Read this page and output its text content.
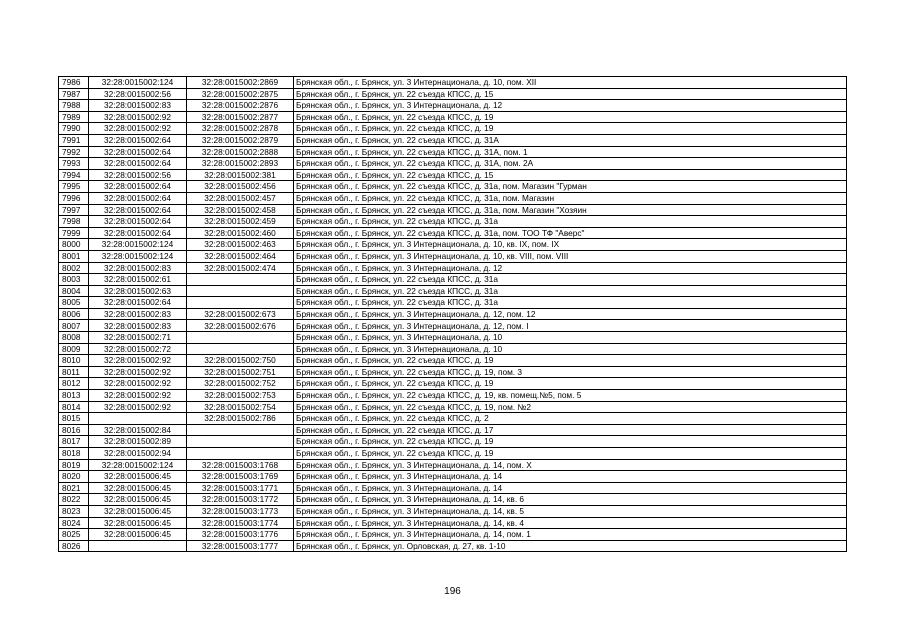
7986	32:28:0015002:124	32:28:0015002:2869	Брянская обл., г. Брянск, ул. 3 Интернационала, д. 10, пом. XII
7987	32:28:0015002:56	32:28:0015002:2875	Брянская обл., г. Брянск, ул. 22 съезда КПСС, д. 15
7988	32:28:0015002:83	32:28:0015002:2876	Брянская обл., г. Брянск, ул. 3 Интернационала, д. 12
7989	32:28:0015002:92	32:28:0015002:2877	Брянская обл., г. Брянск, ул. 22 съезда КПСС, д. 19
7990	32:28:0015002:92	32:28:0015002:2878	Брянская обл., г. Брянск, ул. 22 съезда КПСС, д. 19
7991	32:28:0015002:64	32:28:0015002:2879	Брянская обл., г. Брянск, ул. 22 съезда КПСС, д. 31А
7992	32:28:0015002:64	32:28:0015002:2888	Брянская обл., г. Брянск, ул. 22 съезда КПСС, д. 31А, пом. 1
7993	32:28:0015002:64	32:28:0015002:2893	Брянская обл., г. Брянск, ул. 22 съезда КПСС, д. 31А, пом. 2А
7994	32:28:0015002:56	32:28:0015002:381	Брянская обл., г. Брянск, ул. 22 съезда КПСС, д. 15
7995	32:28:0015002:64	32:28:0015002:456	Брянская обл., г. Брянск, ул. 22 съезда КПСС, д. 31а, пом. Магазин "Гурман
7996	32:28:0015002:64	32:28:0015002:457	Брянская обл., г. Брянск, ул. 22 съезда КПСС, д. 31а, пом. Магазин
7997	32:28:0015002:64	32:28:0015002:458	Брянская обл., г. Брянск, ул. 22 съезда КПСС, д. 31а, пом. Магазин "Хозяин
7998	32:28:0015002:64	32:28:0015002:459	Брянская обл., г. Брянск, ул. 22 съезда КПСС, д. 31а
7999	32:28:0015002:64	32:28:0015002:460	Брянская обл., г. Брянск, ул. 22 съезда КПСС, д. 31а, пом. ТОО ТФ "Аверс"
8000	32:28:0015002:124	32:28:0015002:463	Брянская обл., г. Брянск, ул. 3 Интернационала, д. 10, кв. IX, пом. IX
8001	32:28:0015002:124	32:28:0015002:464	Брянская обл., г. Брянск, ул. 3 Интернационала, д. 10, кв. VIII, пом. VIII
8002	32:28:0015002:83	32:28:0015002:474	Брянская обл., г. Брянск, ул. 3 Интернационала, д. 12
8003	32:28:0015002:61		Брянская обл., г. Брянск, ул. 22 съезда КПСС, д. 31а
8004	32:28:0015002:63		Брянская обл., г. Брянск, ул. 22 съезда КПСС, д. 31а
8005	32:28:0015002:64		Брянская обл., г. Брянск, ул. 22 съезда КПСС, д. 31а
8006	32:28:0015002:83	32:28:0015002:673	Брянская обл., г. Брянск, ул. 3 Интернационала, д. 12, пом. 12
8007	32:28:0015002:83	32:28:0015002:676	Брянская обл., г. Брянск, ул. 3 Интернационала, д. 12, пом. I
8008	32:28:0015002:71		Брянская обл., г. Брянск, ул. 3 Интернационала, д. 10
8009	32:28:0015002:72		Брянская обл., г. Брянск, ул. 3 Интернационала, д. 10
8010	32:28:0015002:92	32:28:0015002:750	Брянская обл., г. Брянск, ул. 22 съезда КПСС, д. 19
8011	32:28:0015002:92	32:28:0015002:751	Брянская обл., г. Брянск, ул. 22 съезда КПСС, д. 19, пом. 3
8012	32:28:0015002:92	32:28:0015002:752	Брянская обл., г. Брянск, ул. 22 съезда КПСС, д. 19
8013	32:28:0015002:92	32:28:0015002:753	Брянская обл., г. Брянск, ул. 22 съезда КПСС, д. 19, кв. помещ.№5, пом. 5
8014	32:28:0015002:92	32:28:0015002:754	Брянская обл., г. Брянск, ул. 22 съезда КПСС, д. 19, пом. №2
8015		32:28:0015002:786	Брянская обл., г. Брянск, ул. 22 съезда КПСС, д. 2
8016	32:28:0015002:84		Брянская обл., г. Брянск, ул. 22 съезда КПСС, д. 17
8017	32:28:0015002:89		Брянская обл., г. Брянск, ул. 22 съезда КПСС, д. 19
8018	32:28:0015002:94		Брянская обл., г. Брянск, ул. 22 съезда КПСС, д. 19
8019	32:28:0015002:124	32:28:0015003:1768	Брянская обл., г. Брянск, ул. 3 Интернационала, д. 14, пом. X
8020	32:28:0015006:45	32:28:0015003:1769	Брянская обл., г. Брянск, ул. 3 Интернационала, д. 14
8021	32:28:0015006:45	32:28:0015003:1771	Брянская обл., г. Брянск, ул. 3 Интернационала, д. 14
8022	32:28:0015006:45	32:28:0015003:1772	Брянская обл., г. Брянск, ул. 3 Интернационала, д. 14, кв. 6
8023	32:28:0015006:45	32:28:0015003:1773	Брянская обл., г. Брянск, ул. 3 Интернационала, д. 14, кв. 5
8024	32:28:0015006:45	32:28:0015003:1774	Брянская обл., г. Брянск, ул. 3 Интернационала, д. 14, кв. 4
8025	32:28:0015006:45	32:28:0015003:1776	Брянская обл., г. Брянск, ул. 3 Интернационала, д. 14, пом. 1
8026		32:28:0015003:1777	Брянская обл., г. Брянск, ул. Орловская, д. 27, кв. 1-10
196
